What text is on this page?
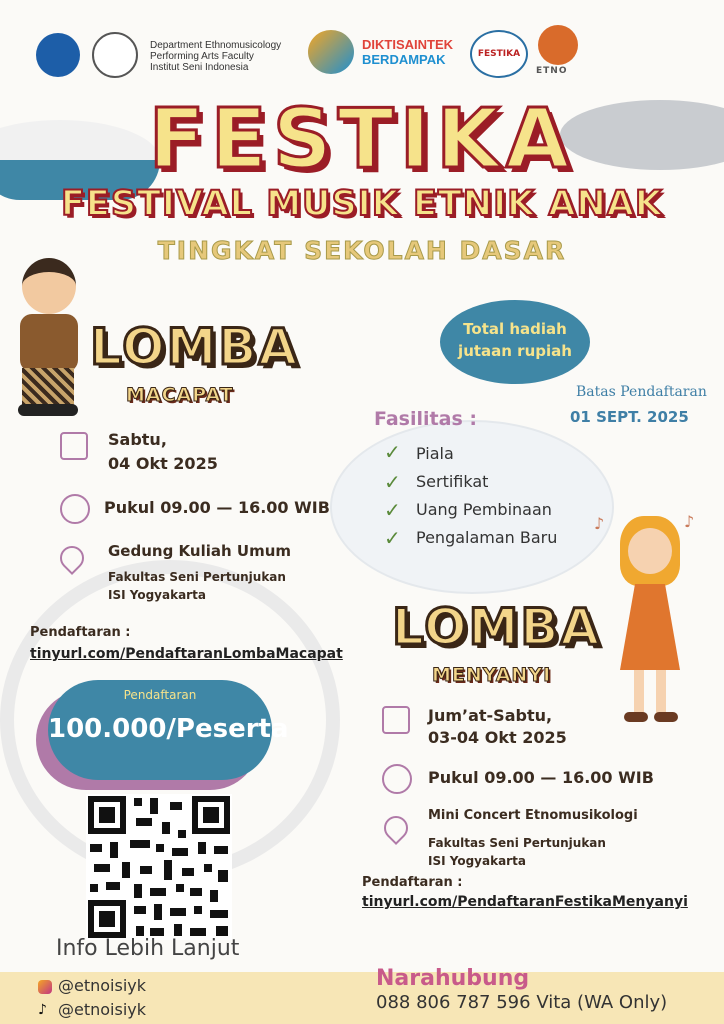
Department Ethnomusicology
Performing Arts Faculty
Institut Seni Indonesia
DIKTISAINTEK
BERDAMPAK	FESTIKA
ETNO
FESTIKA
FESTIVAL MUSIK ETNIK ANAK
TINGKAT SEKOLAH DASAR
LOMBA
MACAPAT
Sabtu,
04 Okt 2025
Pukul 09.00 — 16.00 WIB
Gedung Kuliah Umum
Fakultas Seni Pertunjukan
ISI Yogyakarta
Pendaftaran :
tinyurl.com/PendaftaranLombaMacapat
Total hadiah
jutaan rupiah
Batas Pendaftaran
01 SEPT. 2025
Fasilitas :
✓ Piala
✓ Sertifikat
✓ Uang Pembinaan
✓ Pengalaman Baru
♪	♪
LOMBA
MENYANYI
Jum’at-Sabtu,
03-04 Okt 2025
Pukul 09.00 — 16.00 WIB
Mini Concert Etnomusikologi
Fakultas Seni Pertunjukan
ISI Yogyakarta
Pendaftaran :
tinyurl.com/PendaftaranFestikaMenyanyi
Pendaftaran
100.000/Peserta
Info Lebih Lanjut
@etnoisiyk
♪ @etnoisiyk
Narahubung
088 806 787 596 Vita (WA Only)
